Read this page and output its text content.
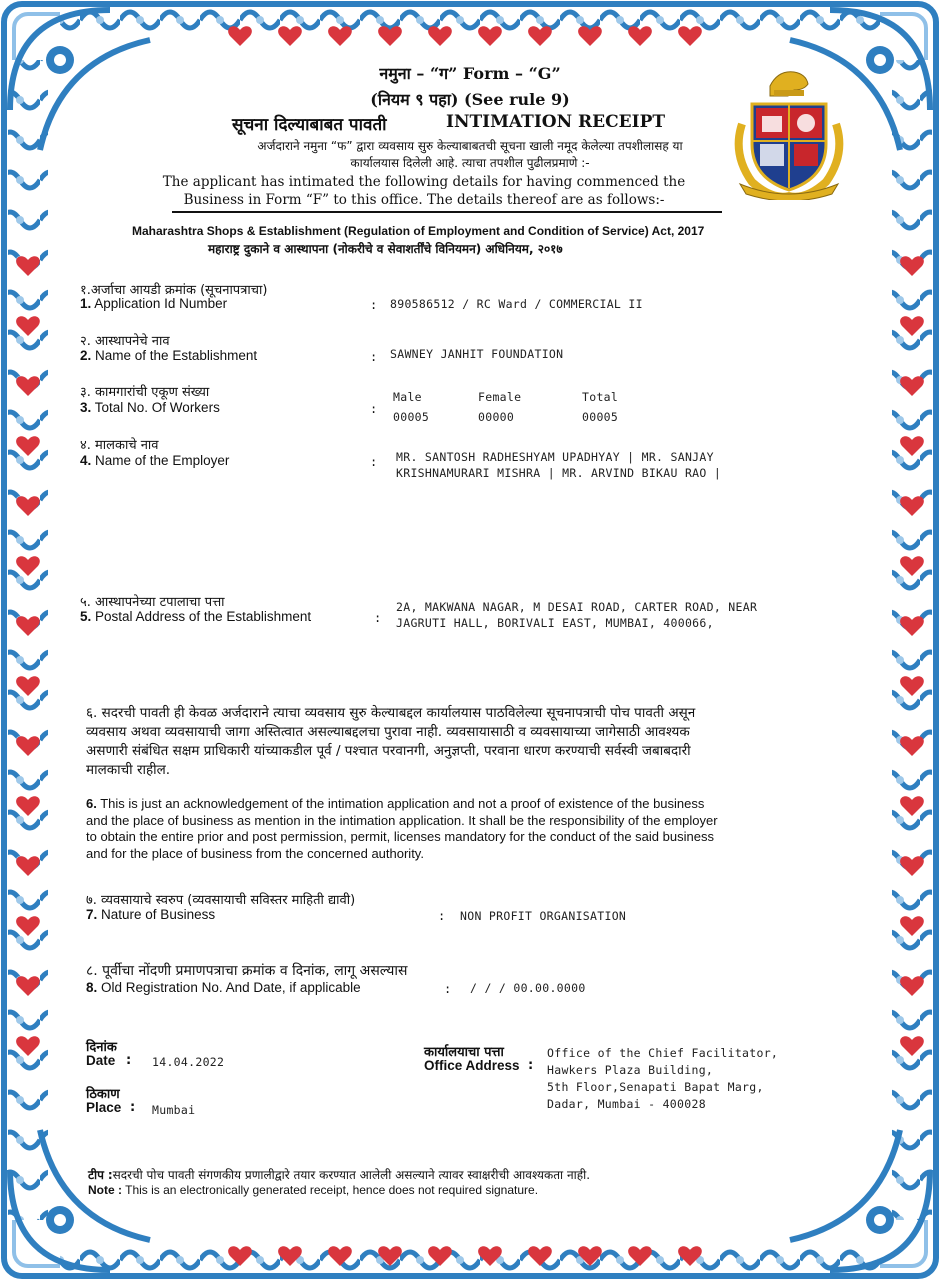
नमुना – “ग” Form – “G”
(नियम ९ पहा) (See rule 9)
सूचना दिल्याबाबत पावती	INTIMATION RECEIPT
अर्जदाराने नमुना “फ” द्वारा व्यवसाय सुरु केल्याबाबतची सूचना खाली नमूद केलेल्या तपशीलासह या
कार्यालयास दिलेली आहे. त्याचा तपशील पुढीलप्रमाणे :-
The applicant has intimated the following details for having commenced the
Business in Form “F” to this office. The details thereof are as follows:-
Maharashtra Shops & Establishment (Regulation of Employment and Condition of Service) Act, 2017
महाराष्ट्र दुकाने व आस्थापना (नोकरीचे व सेवाशर्तींचे विनियमन) अधिनियम, २०१७
१.अर्जाचा आयडी क्रमांक (सूचनापत्राचा)
1. Application Id Number	: 890586512 / RC Ward / COMMERCIAL II
२. आस्थापनेचे नाव
2. Name of the Establishment	: SAWNEY JANHIT FOUNDATION
३. कामगारांची एकूण संख्या
3. Total No. Of Workers	:
Male	Female	Total
00005	00000	00005
४. मालकाचे नाव
4. Name of the Employer	: MR. SANTOSH RADHESHYAM UPADHYAY | MR. SANJAY
KRISHNAMURARI MISHRA | MR. ARVIND BIKAU RAO |
५. आस्थापनेच्या टपालाचा पत्ता
5. Postal Address of the Establishment	:
2A, MAKWANA NAGAR, M DESAI ROAD, CARTER ROAD, NEAR
JAGRUTI HALL, BORIVALI EAST, MUMBAI, 400066,
६. सदरची पावती ही केवळ अर्जदाराने त्याचा व्यवसाय सुरु केल्याबद्दल कार्यालयास पाठविलेल्या सूचनापत्राची पोच पावती असून व्यवसाय अथवा व्यवसायाची जागा अस्तित्वात असल्याबद्दलचा पुरावा नाही. व्यवसायासाठी व व्यवसायाच्या जागेसाठी आवश्यक असणारी संबंधित सक्षम प्राधिकारी यांच्याकडील पूर्व / पश्चात परवानगी, अनुज्ञप्ती, परवाना धारण करण्याची सर्वस्वी जबाबदारी मालकाची राहील.
6. This is just an acknowledgement of the intimation application and not a proof of existence of the business and the place of business as mention in the intimation application. It shall be the responsibility of the employer to obtain the entire prior and post permission, permit, licenses mandatory for the conduct of the said business and for the place of business from the concerned authority.
७. व्यवसायाचे स्वरुप (व्यवसायाची सविस्तर माहिती द्यावी)
7. Nature of Business	: NON PROFIT ORGANISATION
८. पूर्वीचा नोंदणी प्रमाणपत्राचा क्रमांक व दिनांक, लागू असल्यास
8. Old Registration No. And Date, if applicable	: / / / 00.00.0000
दिनांक
Date : 14.04.2022
ठिकाण
Place : Mumbai
कार्यालयाचा पत्ता
Office Address :
Office of the Chief Facilitator,
Hawkers Plaza Building,
5th Floor,Senapati Bapat Marg,
Dadar, Mumbai - 400028
टीप :सदरची पोच पावती संगणकीय प्रणालीद्वारे तयार करण्यात आलेली असल्याने त्यावर स्वाक्षरीची आवश्यकता नाही.
Note : This is an electronically generated receipt, hence does not required signature.
